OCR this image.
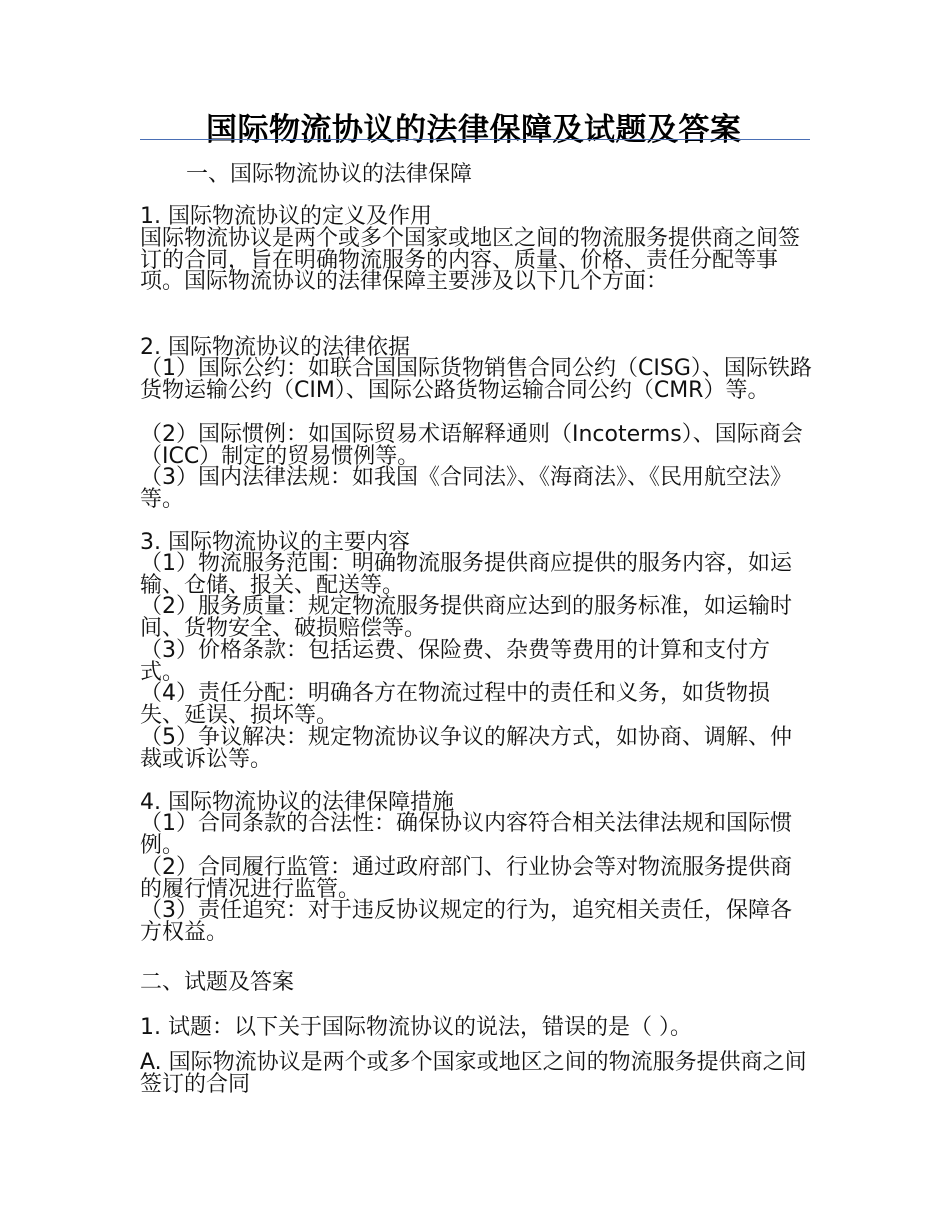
国际物流协议的法律保障及试题及答案
一、国际物流协议的法律保障
1. 国际物流协议的定义及作用
国际物流协议是两个或多个国家或地区之间的物流服务提供商之间签订的合同，旨在明确物流服务的内容、质量、价格、责任分配等事项。国际物流协议的法律保障主要涉及以下几个方面：
2. 国际物流协议的法律依据
（1）国际公约：如联合国国际货物销售合同公约（CISG）、国际铁路货物运输公约（CIM）、国际公路货物运输合同公约（CMR）等。
（2）国际惯例：如国际贸易术语解释通则（Incoterms）、国际商会（ICC）制定的贸易惯例等。
（3）国内法律法规：如我国《合同法》、《海商法》、《民用航空法》等。
3. 国际物流协议的主要内容
（1）物流服务范围：明确物流服务提供商应提供的服务内容，如运输、仓储、报关、配送等。
（2）服务质量：规定物流服务提供商应达到的服务标准，如运输时间、货物安全、破损赔偿等。
（3）价格条款：包括运费、保险费、杂费等费用的计算和支付方式。
（4）责任分配：明确各方在物流过程中的责任和义务，如货物损失、延误、损坏等。
（5）争议解决：规定物流协议争议的解决方式，如协商、调解、仲裁或诉讼等。
4. 国际物流协议的法律保障措施
（1）合同条款的合法性：确保协议内容符合相关法律法规和国际惯例。
（2）合同履行监管：通过政府部门、行业协会等对物流服务提供商的履行情况进行监管。
（3）责任追究：对于违反协议规定的行为，追究相关责任，保障各方权益。
二、试题及答案
1. 试题：以下关于国际物流协议的说法，错误的是（ ）。
A. 国际物流协议是两个或多个国家或地区之间的物流服务提供商之间签订的合同
